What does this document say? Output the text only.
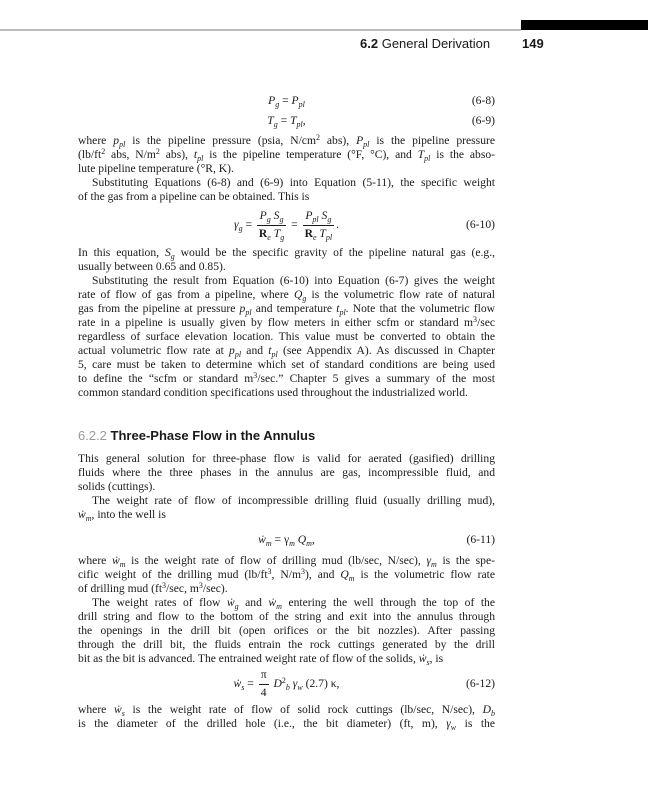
6.2 General Derivation 149
$P_g = P_{pl}$	(6-8)
$T_g = T_{pl}$,	(6-9)
where $p_{pl}$ is the pipeline pressure (psia, $N/cm^2$ abs), $P_{pl}$ is the pipeline pressure
($lb/ft^2$ abs, $N/m^2$ abs), $t_{pl}$ is the pipeline temperature (°F, °C), and $T_{pl}$ is the abso-
lute pipeline temperature (°R, K).
Substituting Equations (6-8) and (6-9) into Equation (5-11), the specific weight
of the gas from a pipeline can be obtained. This is
$\gamma_g = \frac{P_g S_g}{R_e T_g} = \frac{P_{pl} S_g}{R_e T_{pl}}$ .	(6-10)
In this equation, $S_g$ would be the specific gravity of the pipeline natural gas (e.g.,
usually between 0.65 and 0.85).
Substituting the result from Equation (6-10) into Equation (6-7) gives the weight
rate of flow of gas from a pipeline, where $Q_g$ is the volumetric flow rate of natural
gas from the pipeline at pressure $p_{pl}$ and temperature $t_{pl}$. Note that the volumetric flow
rate in a pipeline is usually given by flow meters in either scfm or standard $m^3/\sec$
regardless of surface elevation location. This value must be converted to obtain the
actual volumetric flow rate at $p_{pl}$ and $t_{pl}$ (see Appendix A). As discussed in Chapter
5, care must be taken to determine which set of standard conditions are being used
to define the “scfm or standard $m^3/\sec$.” Chapter 5 gives a summary of the most
common standard condition specifications used throughout the industrialized world.
6.2.2 Three-Phase Flow in the Annulus
This general solution for three-phase flow is valid for aerated (gasified) drilling
fluids where the three phases in the annulus are gas, incompressible fluid, and
solids (cuttings).
The weight rate of flow of incompressible drilling fluid (usually drilling mud),
ẇ$_m$, into the well is
ẇ$_m$ = $\gamma_m$ $Q_m$,	(6-11)
where ẇ$_m$ is the weight rate of flow of drilling mud (lb/sec, N/sec), $\gamma_m$ is the spe-
cific weight of the drilling mud ($lb/ft^3$, $N/m^3$), and $Q_m$ is the volumetric flow rate
of drilling mud ($ft^3/\sec$, $m^3/\sec$).
The weight rates of flow ẇ$_g$ and ẇ$_m$ entering the well through the top of the
drill string and flow to the bottom of the string and exit into the annulus through
the openings in the drill bit (open orifices or the bit nozzles). After passing
through the drill bit, the fluids entrain the rock cuttings generated by the drill
bit as the bit is advanced. The entrained weight rate of flow of the solids, ẇ$_s$, is
ẇ$_s$ = $\frac{\pi}{4} D^2_b$ $\gamma_w$ (2.7) κ,	(6-12)
where ẇ$_s$ is the weight rate of flow of solid rock cuttings (lb/sec, N/sec), $D_b$
is the diameter of the drilled hole (i.e., the bit diameter) (ft, m), $\gamma_w$ is the
